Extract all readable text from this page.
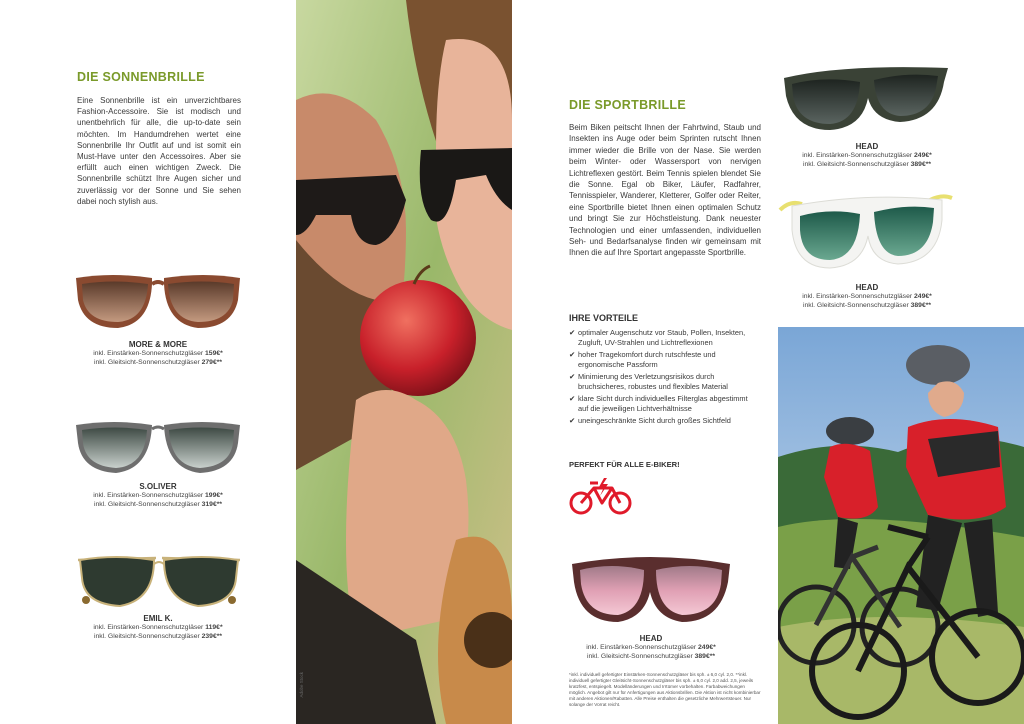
DIE SONNENBRILLE
Eine Sonnenbrille ist ein unverzichtbares Fashion-Accessoire. Sie ist modisch und unentbehrlich für alle, die up-to-date sein möchten. Im Handumdrehen wertet eine Sonnenbrille Ihr Outfit auf und ist somit ein Must-Have unter den Accessoires. Aber sie erfüllt auch einen wichtigen Zweck. Die Sonnenbrille schützt Ihre Augen sicher und zuverlässig vor der Sonne und Sie sehen dabei noch stylish aus.
MORE & MORE
inkl. Einstärken-Sonnenschutzgläser 159€*
inkl. Gleitsicht-Sonnenschutzgläser 279€**
S.OLIVER
inkl. Einstärken-Sonnenschutzgläser 199€*
inkl. Gleitsicht-Sonnenschutzgläser 319€**
EMIL K.
inkl. Einstärken-Sonnenschutzgläser 119€*
inkl. Gleitsicht-Sonnenschutzgläser 239€**
Adobe Stock
DIE SPORTBRILLE
Beim Biken peitscht Ihnen der Fahrtwind, Staub und Insekten ins Auge oder beim Sprinten rutscht Ihnen immer wieder die Brille von der Nase. Sie werden beim Winter- oder Wassersport von nervigen Lichtreflexen gestört. Beim Tennis spielen blendet Sie die Sonne. Egal ob Biker, Läufer, Radfahrer, Tennisspieler, Wanderer, Kletterer, Golfer oder Reiter, eine Sportbrille bietet Ihnen einen optimalen Schutz und bringt Sie zur Höchstleistung. Dank neuester Technologien und einer umfassenden, individuellen Seh- und Bedarfsanalyse finden wir gemeinsam mit Ihnen die auf Ihre Sportart angepasste Sportbrille.
IHRE VORTEILE
✔ optimaler Augenschutz vor Staub, Pollen, Insekten, Zugluft, UV-Strahlen und Lichtreflexionen
✔ hoher Tragekomfort durch rutschfeste und ergonomische Passform
✔ Minimierung des Verletzungsrisikos durch bruchsicheres, robustes und flexibles Material
✔ klare Sicht durch individuelles Filterglas abgestimmt auf die jeweiligen Lichtverhältnisse
✔ uneingeschränkte Sicht durch großes Sichtfeld
PERFEKT FÜR ALLE E-BIKER!
HEAD
inkl. Einstärken-Sonnenschutzgläser 249€*
inkl. Gleitsicht-Sonnenschutzgläser 389€**
*inkl. individuell gefertigter Einstärken-Sonnenschutzgläser bis sph. ± 6,0 cyl. 2,0. **inkl. individuell gefertigter Gleitsicht-Sonnenschutzgläser bis sph. ± 6,0 cyl. 2,0 add. 2,5, jeweils kratzfest, entspiegelt. Modelländerungen und Irrtümer vorbehalten. Farbabweichungen möglich. Angebot gilt nur für Anfertigungen aus Aktionsbrillen. Die Aktion ist nicht kombinierbar mit anderen Aktionen/Rabatten. Alle Preise enthalten die gesetzliche Mehrwertsteuer. Nur solange der Vorrat reicht.
HEAD
inkl. Einstärken-Sonnenschutzgläser 249€*
inkl. Gleitsicht-Sonnenschutzgläser 389€**
HEAD
inkl. Einstärken-Sonnenschutzgläser 249€*
inkl. Gleitsicht-Sonnenschutzgläser 389€**
